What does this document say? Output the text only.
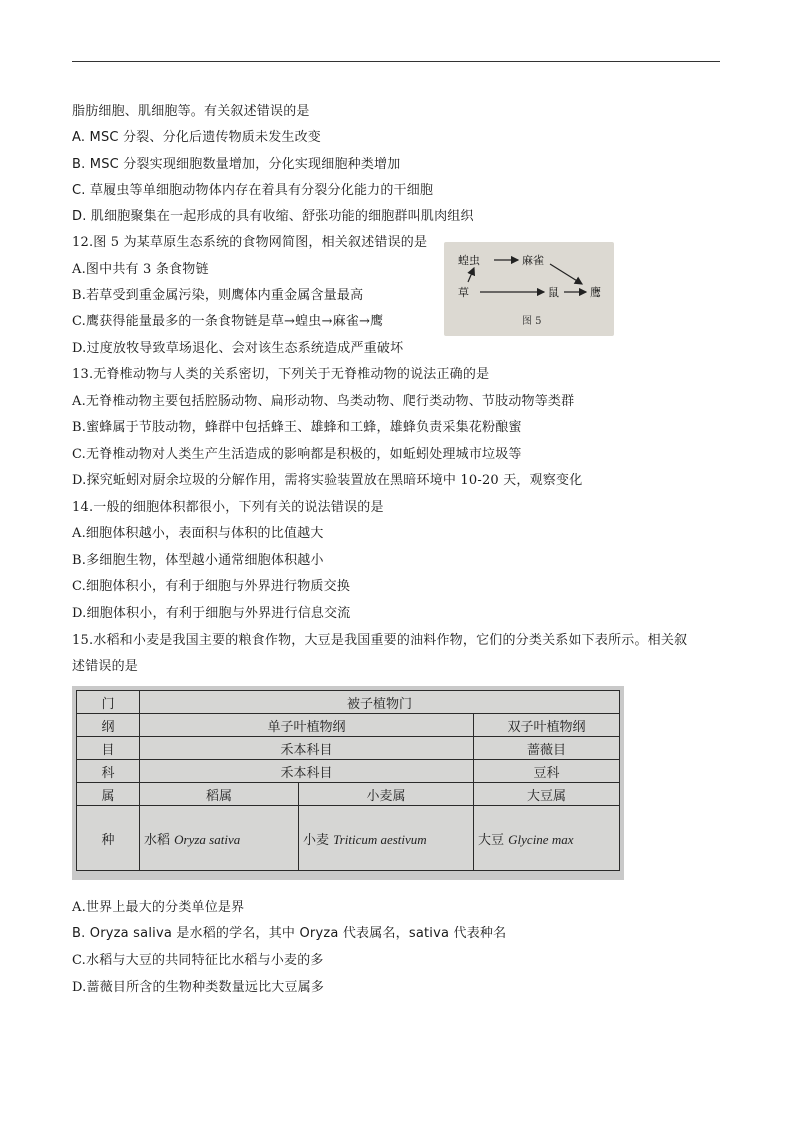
脂肪细胞、肌细胞等。有关叙述错误的是
A. MSC 分裂、分化后遗传物质未发生改变
B. MSC 分裂实现细胞数量增加，分化实现细胞种类增加
C. 草履虫等单细胞动物体内存在着具有分裂分化能力的干细胞
D. 肌细胞聚集在一起形成的具有收缩、舒张功能的细胞群叫肌肉组织
12.图 5 为某草原生态系统的食物网简图，相关叙述错误的是
A.图中共有 3 条食物链
B.若草受到重金属污染，则鹰体内重金属含量最高
C.鹰获得能量最多的一条食物链是草→蝗虫→麻雀→鹰
D.过度放牧导致草场退化、会对该生态系统造成严重破坏
13.无脊椎动物与人类的关系密切，下列关于无脊椎动物的说法正确的是
A.无脊椎动物主要包括腔肠动物、扁形动物、鸟类动物、爬行类动物、节肢动物等类群
B.蜜蜂属于节肢动物，蜂群中包括蜂王、雄蜂和工蜂，雄蜂负责采集花粉酿蜜
C.无脊椎动物对人类生产生活造成的影响都是积极的，如蚯蚓处理城市垃圾等
D.探究蚯蚓对厨余垃圾的分解作用，需将实验装置放在黑暗环境中 10-20 天，观察变化
14.一般的细胞体积都很小，下列有关的说法错误的是
A.细胞体积越小，表面积与体积的比值越大
B.多细胞生物，体型越小通常细胞体积越小
C.细胞体积小，有利于细胞与外界进行物质交换
D.细胞体积小，有利于细胞与外界进行信息交流
15.水稻和小麦是我国主要的粮食作物，大豆是我国重要的油料作物，它们的分类关系如下表所示。相关叙
述错误的是
A.世界上最大的分类单位是界
B. Oryza saliva 是水稻的学名，其中 Oryza 代表属名，sativa 代表种名
C.水稻与大豆的共同特征比水稻与小麦的多
D.蔷薇目所含的生物种类数量远比大豆属多
蝗虫	麻雀
草	鼠	鹰
图 5
门	被子植物门		
纲	单子叶植物纲		双子叶植物纲
目	禾本科目		蔷薇目
科	禾本科目		豆科
属	稻属	小麦属	大豆属
种	水稻 Oryza sativa	小麦 Triticum aestivum	大豆 Glycine max
